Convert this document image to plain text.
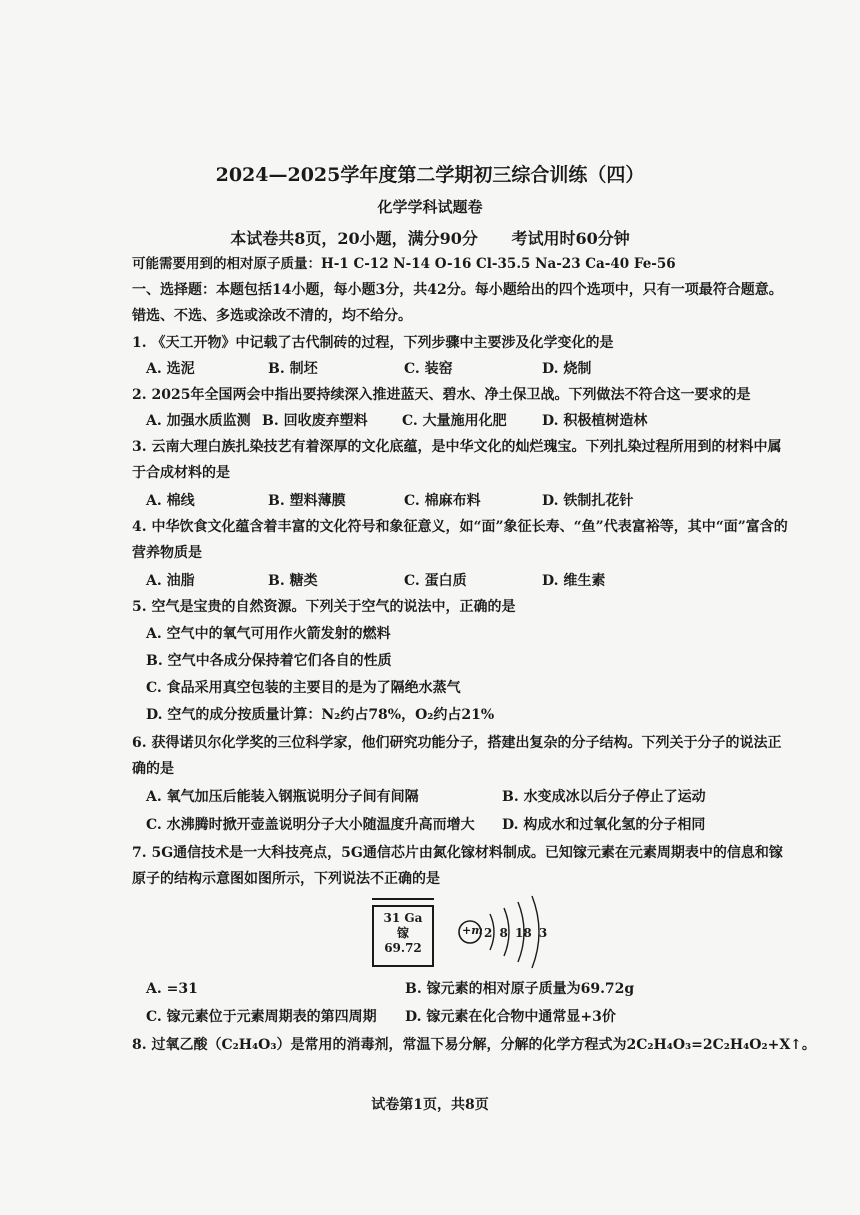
2024—2025学年度第二学期初三综合训练（四）
化学学科试题卷
本试卷共8页，20小题，满分90分 考试用时60分钟
可能需要用到的相对原子质量：H-1 C-12 N-14 O-16 Cl-35.5 Na-23 Ca-40 Fe-56
一、选择题：本题包括14小题，每小题3分，共42分。每小题给出的四个选项中，只有一项最符合题意。
错选、不选、多选或涂改不清的，均不给分。
1. 《天工开物》中记载了古代制砖的过程，下列步骤中主要涉及化学变化的是
A. 选泥	B. 制坯	C. 装窑	D. 烧制
2. 2025年全国两会中指出要持续深入推进蓝天、碧水、净土保卫战。下列做法不符合这一要求的是
A. 加强水质监测 B. 回收废弃塑料 C. 大量施用化肥	D. 积极植树造林
3. 云南大理白族扎染技艺有着深厚的文化底蕴，是中华文化的灿烂瑰宝。下列扎染过程所用到的材料中属
于合成材料的是
A. 棉线	B. 塑料薄膜	C. 棉麻布料	D. 铁制扎花针
4. 中华饮食文化蕴含着丰富的文化符号和象征意义，如“面”象征长寿、“鱼”代表富裕等，其中“面”富含的
营养物质是
A. 油脂	B. 糖类	C. 蛋白质	D. 维生素
5. 空气是宝贵的自然资源。下列关于空气的说法中，正确的是
A. 空气中的氧气可用作火箭发射的燃料
B. 空气中各成分保持着它们各自的性质
C. 食品采用真空包装的主要目的是为了隔绝水蒸气
D. 空气的成分按质量计算：N₂约占78%，O₂约占21%
6. 获得诺贝尔化学奖的三位科学家，他们研究功能分子，搭建出复杂的分子结构。下列关于分子的说法正
确的是
A. 氧气加压后能装入钢瓶说明分子间有间隔	B. 水变成冰以后分子停止了运动
C. 水沸腾时掀开壶盖说明分子大小随温度升高而增大 D. 构成水和过氧化氢的分子相同
7. 5G通信技术是一大科技亮点，5G通信芯片由氮化镓材料制成。已知镓元素在元素周期表中的信息和镓
原子的结构示意图如图所示，下列说法不正确的是
31 Ga
镓
69.72
+m 2 8 18 3
A. =31	B. 镓元素的相对原子质量为69.72g
C. 镓元素位于元素周期表的第四周期 D. 镓元素在化合物中通常显+3价
8. 过氧乙酸（C₂H₄O₃）是常用的消毒剂，常温下易分解，分解的化学方程式为2C₂H₄O₃=2C₂H₄O₂+X↑。
试卷第1页，共8页
